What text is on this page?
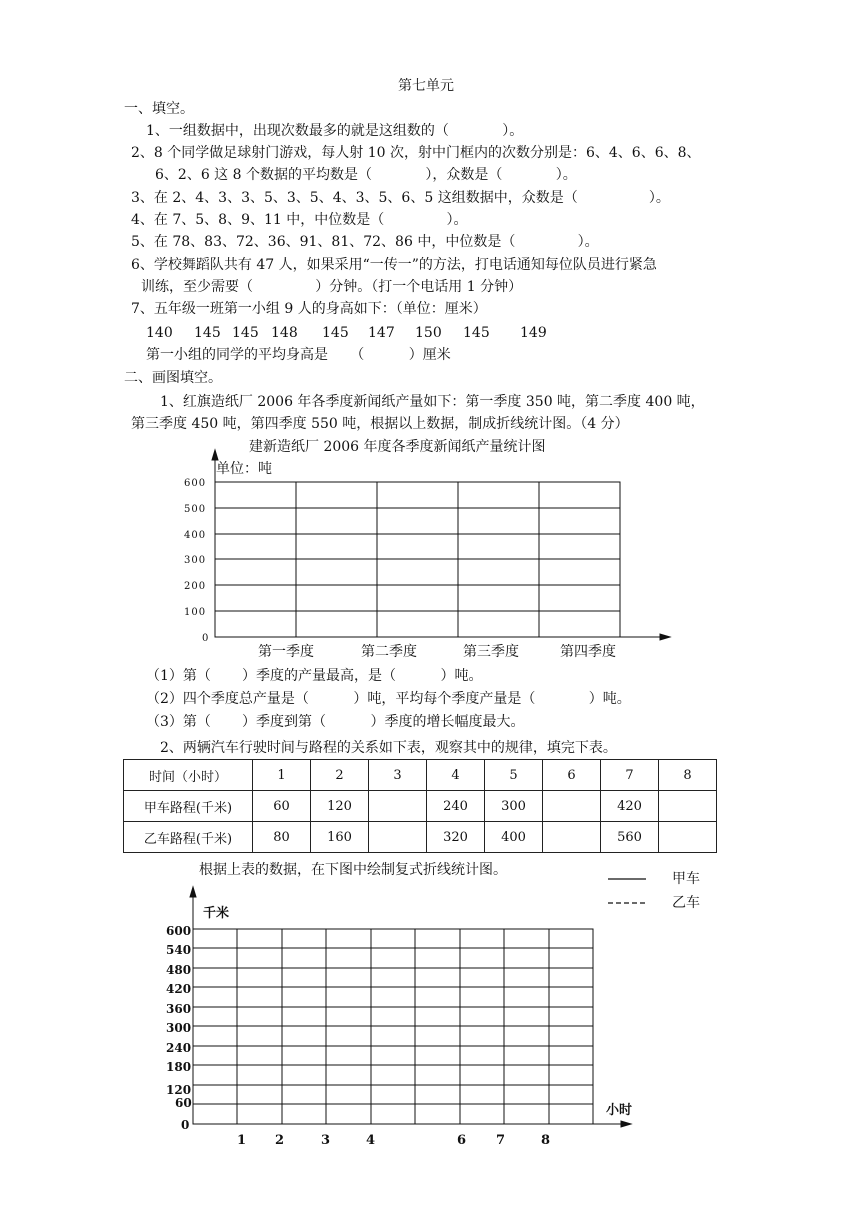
第七单元
一、填空。
1、一组数据中，出现次数最多的就是这组数的（            ）。
2、8 个同学做足球射门游戏，每人射 10 次，射中门框内的次数分别是：6、4、6、6、8、
6、2、6 这 8 个数据的平均数是（            ），众数是（            ）。
3、在 2、4、3、3、5、3、5、4、3、5、6、5 这组数据中，众数是（                ）。
4、在 7、5、8、9、11 中，中位数是（              ）。
5、在 78、83、72、36、91、81、72、86 中，中位数是（              ）。
6、学校舞蹈队共有 47 人，如果采用“一传一”的方法，打电话通知每位队员进行紧急
训练，至少需要（              ）分钟。（打一个电话用 1 分钟）
7、五年级一班第一小组 9 人的身高如下：（单位：厘米）
140 145 145 148 145 147 150 145 149
第一小组的同学的平均身高是     （          ）厘米
二、画图填空。
1、红旗造纸厂 2006 年各季度新闻纸产量如下：第一季度 350 吨，第二季度 400 吨，
第三季度 450 吨，第四季度 550 吨，根据以上数据，制成折线统计图。（4 分）
建新造纸厂 2006 年度各季度新闻纸产量统计图
单位：吨
600
500
400
300
200
100
0
第一季度	第二季度	第三季度	第四季度
（1）第（       ）季度的产量最高，是（          ）吨。
（2）四个季度总产量是（          ）吨，平均每个季度产量是（            ）吨。
（3）第（       ）季度到第（          ）季度的增长幅度最大。
2、两辆汽车行驶时间与路程的关系如下表，观察其中的规律，填完下表。
时间（小时）	1	2	3	4	5	6	7	8
甲车路程(千米)	60	120		240	300		420	
乙车路程(千米)	80	160		320	400		560	
根据上表的数据，在下图中绘制复式折线统计图。
甲车
乙车
千米
小时
600
540
480
420
360
300
240
180
120
60
0
1 2	3	4	6 7	8
